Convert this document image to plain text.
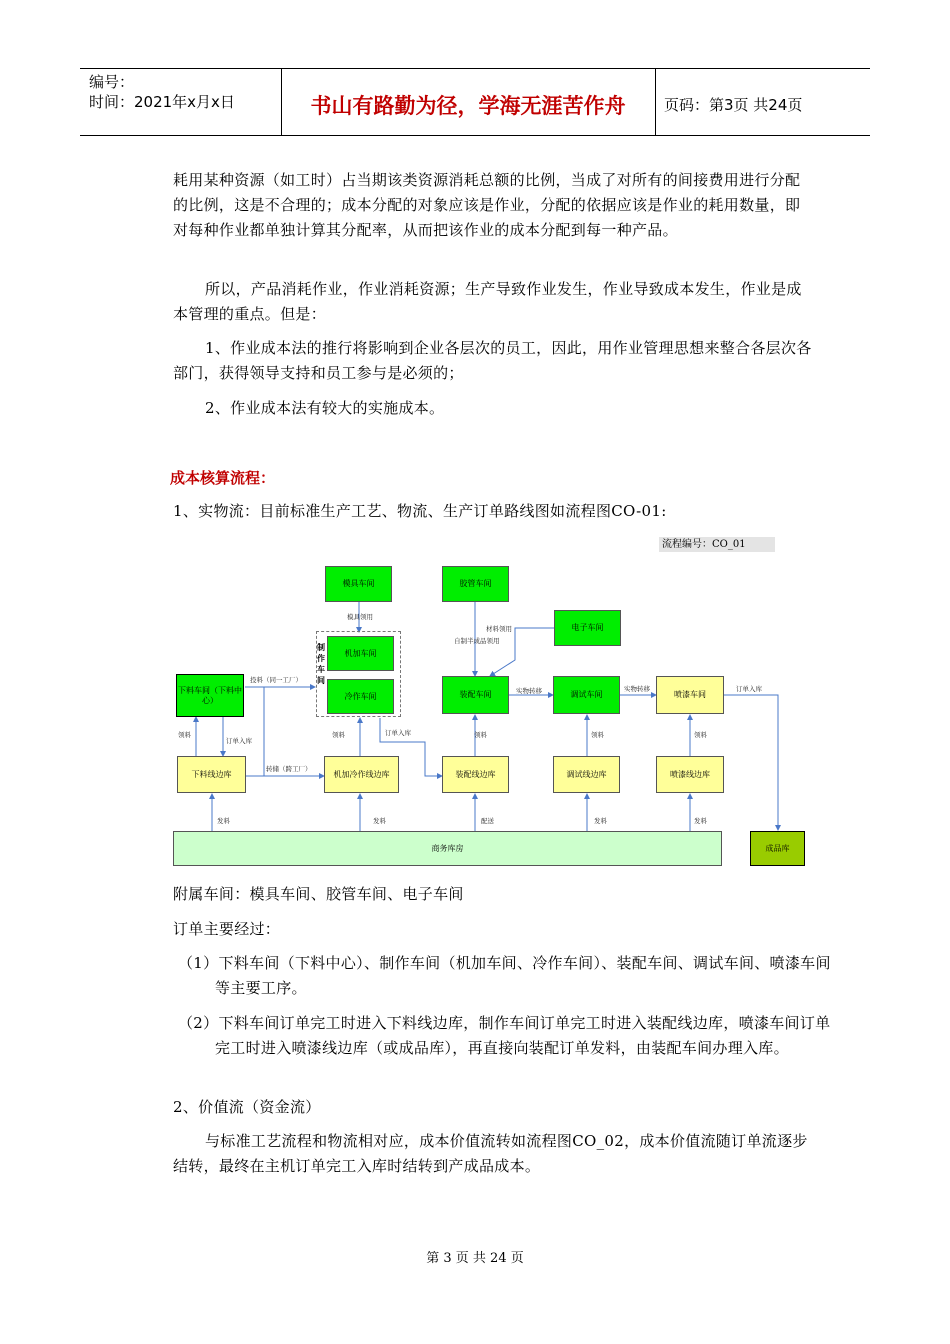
编号：
时间：2021年x月x日	书山有路勤为径，学海无涯苦作舟	页码：第3页 共24页
耗用某种资源（如工时）占当期该类资源消耗总额的比例，当成了对所有的间接费用进行分配的比例，这是不合理的；成本分配的对象应该是作业，分配的依据应该是作业的耗用数量，即对每种作业都单独计算其分配率，从而把该作业的成本分配到每一种产品。
所以，产品消耗作业，作业消耗资源；生产导致作业发生，作业导致成本发生，作业是成本管理的重点。但是：
1、作业成本法的推行将影响到企业各层次的员工，因此，用作业管理思想来整合各层次各部门，获得领导支持和员工参与是必须的；
2、作业成本法有较大的实施成本。
成本核算流程：
1、实物流：目前标准生产工艺、物流、生产订单路线图如流程图CO-01:
流程编号：CO_01
模具车间	胶管车间
电子车间
制作车间
机加车间
冷作车间
下料车间（下料中心）
装配车间	调试车间	喷漆车间
下料线边库	机加冷作线边库	装配线边库	调试线边库	喷漆线边库
商务库房	成品库
模具领用
材料领用
自制半成品领用
投料（同一工厂）
实物转移	实物转移	订单入库
领料
订单入库
领料	订单入库	领料	领料	领料
转储（跨工厂）
发料	发料	配送	发料	发料
附属车间：模具车间、胶管车间、电子车间
订单主要经过：
（1）下料车间（下料中心）、制作车间（机加车间、冷作车间）、装配车间、调试车间、喷漆车间等主要工序。
（2）下料车间订单完工时进入下料线边库，制作车间订单完工时进入装配线边库，喷漆车间订单完工时进入喷漆线边库（或成品库），再直接向装配订单发料，由装配车间办理入库。
2、价值流（资金流）
与标准工艺流程和物流相对应，成本价值流转如流程图CO_02，成本价值流随订单流逐步结转，最终在主机订单完工入库时结转到产成品成本。
第 3 页 共 24 页
